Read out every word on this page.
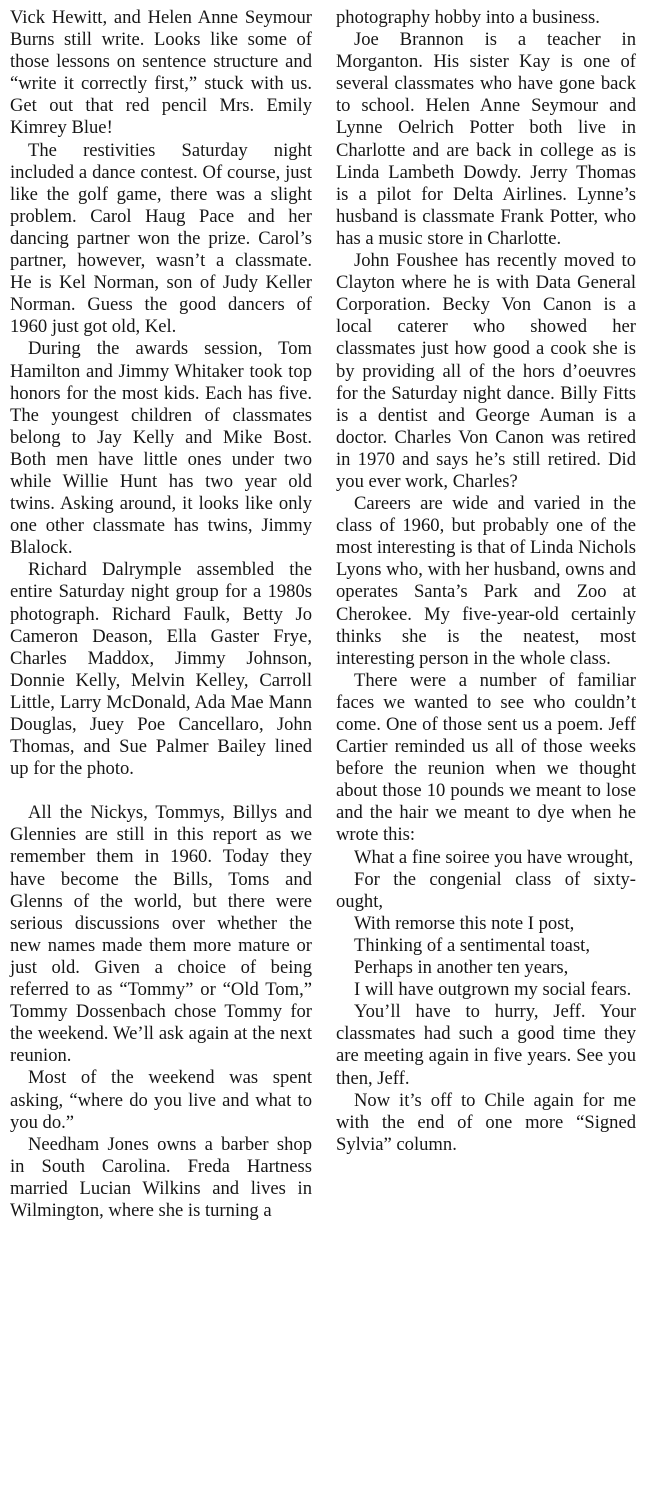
Vick Hewitt, and Helen Anne Seymour Burns still write. Looks like some of those lessons on sentence structure and “write it correctly first,” stuck with us. Get out that red pencil Mrs. Emily Kimrey Blue!

The restivities Saturday night included a dance contest. Of course, just like the golf game, there was a slight problem. Carol Haug Pace and her dancing partner won the prize. Carol’s partner, however, wasn’t a classmate. He is Kel Norman, son of Judy Keller Norman. Guess the good dancers of 1960 just got old, Kel.

During the awards session, Tom Hamilton and Jimmy Whitaker took top honors for the most kids. Each has five. The youngest children of classmates belong to Jay Kelly and Mike Bost. Both men have little ones under two while Willie Hunt has two year old twins. Asking around, it looks like only one other classmate has twins, Jimmy Blalock.

Richard Dalrymple assembled the entire Saturday night group for a 1980s photograph. Richard Faulk, Betty Jo Cameron Deason, Ella Gaster Frye, Charles Maddox, Jimmy Johnson, Donnie Kelly, Melvin Kelley, Carroll Little, Larry McDonald, Ada Mae Mann Douglas, Juey Poe Cancellaro, John Thomas, and Sue Palmer Bailey lined up for the photo.

All the Nickys, Tommys, Billys and Glennies are still in this report as we remember them in 1960. Today they have become the Bills, Toms and Glenns of the world, but there were serious discussions over whether the new names made them more mature or just old. Given a choice of being referred to as “Tommy” or “Old Tom,” Tommy Dossenbach chose Tommy for the weekend. We’ll ask again at the next reunion.

Most of the weekend was spent asking, “where do you live and what to you do.”

Needham Jones owns a barber shop in South Carolina. Freda Hartness married Lucian Wilkins and lives in Wilmington, where she is turning a

photography hobby into a business.

Joe Brannon is a teacher in Morganton. His sister Kay is one of several classmates who have gone back to school. Helen Anne Seymour and Lynne Oelrich Potter both live in Charlotte and are back in college as is Linda Lambeth Dowdy. Jerry Thomas is a pilot for Delta Airlines. Lynne’s husband is classmate Frank Potter, who has a music store in Charlotte.

John Foushee has recently moved to Clayton where he is with Data General Corporation. Becky Von Canon is a local caterer who showed her classmates just how good a cook she is by providing all of the hors d’oeuvres for the Saturday night dance. Billy Fitts is a dentist and George Auman is a doctor. Charles Von Canon was retired in 1970 and says he’s still retired. Did you ever work, Charles?

Careers are wide and varied in the class of 1960, but probably one of the most interesting is that of Linda Nichols Lyons who, with her husband, owns and operates Santa’s Park and Zoo at Cherokee. My five-year-old certainly thinks she is the neatest, most interesting person in the whole class.

There were a number of familiar faces we wanted to see who couldn’t come. One of those sent us a poem. Jeff Cartier reminded us all of those weeks before the reunion when we thought about those 10 pounds we meant to lose and the hair we meant to dye when he wrote this:

What a fine soiree you have wrought,

For the congenial class of sixty-ought,

With remorse this note I post,

Thinking of a sentimental toast,

Perhaps in another ten years,

I will have outgrown my social fears.

You’ll have to hurry, Jeff. Your classmates had such a good time they are meeting again in five years. See you then, Jeff.

Now it’s off to Chile again for me with the end of one more “Signed Sylvia” column.
